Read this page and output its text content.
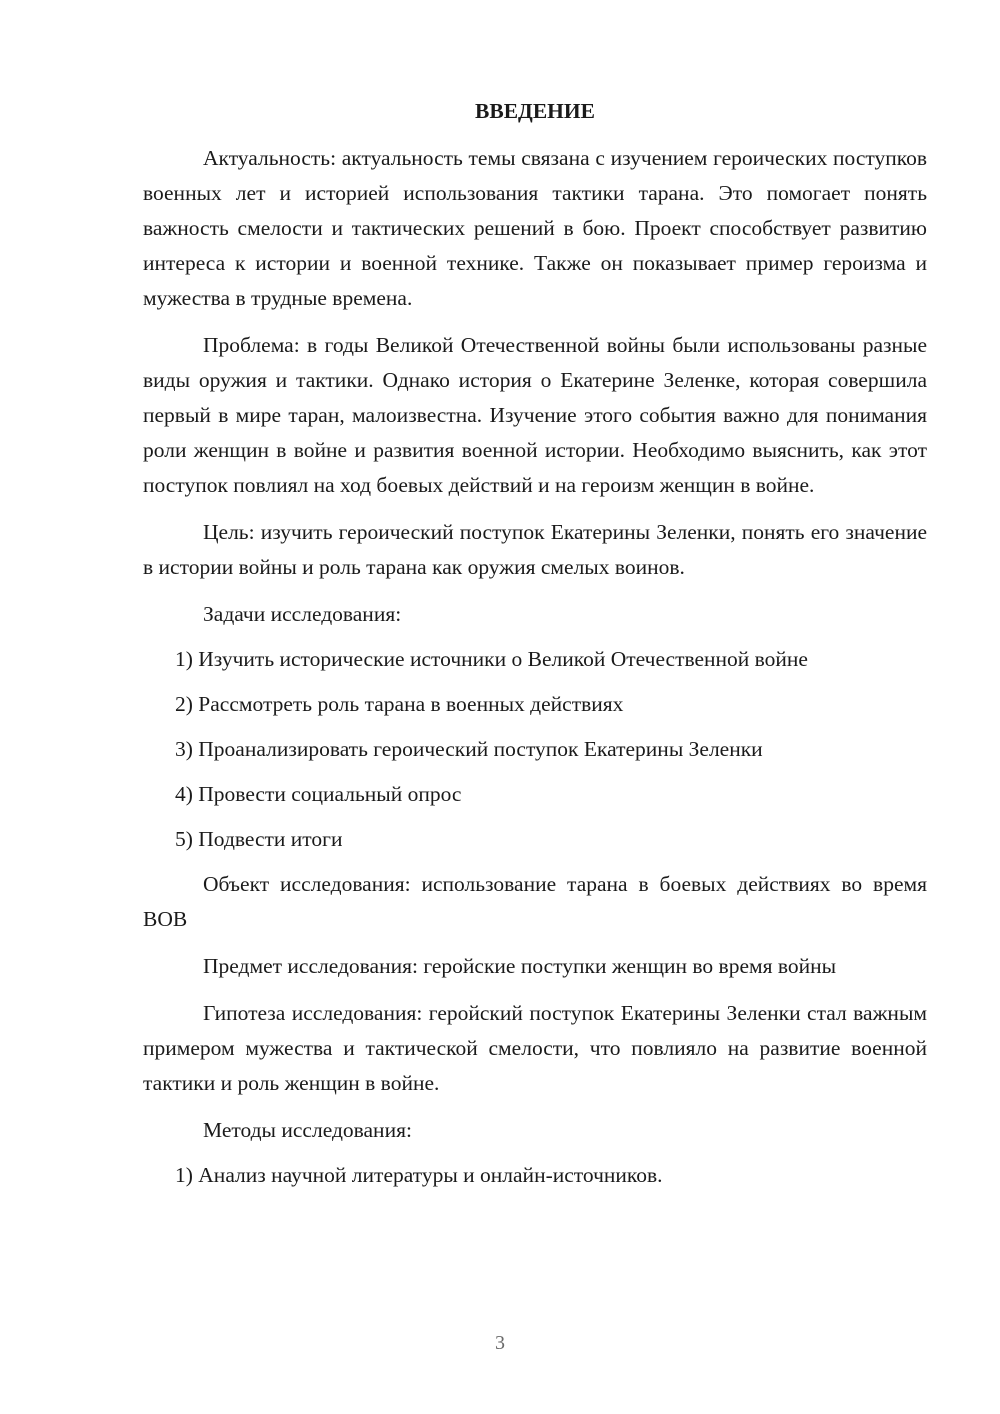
ВВЕДЕНИЕ

Актуальность: актуальность темы связана с изучением героических поступков военных лет и историей использования тактики тарана. Это помогает понять важность смелости и тактических решений в бою. Проект способствует развитию интереса к истории и военной технике. Также он показывает пример героизма и мужества в трудные времена.

Проблема: в годы Великой Отечественной войны были использованы разные виды оружия и тактики. Однако история о Екатерине Зеленке, которая совершила первый в мире таран, малоизвестна. Изучение этого события важно для понимания роли женщин в войне и развития военной истории. Необходимо выяснить, как этот поступок повлиял на ход боевых действий и на героизм женщин в войне.

Цель: изучить героический поступок Екатерины Зеленки, понять его значение в истории войны и роль тарана как оружия смелых воинов.

Задачи исследования:

1) Изучить исторические источники о Великой Отечественной войне
2) Рассмотреть роль тарана в военных действиях
3) Проанализировать героический поступок Екатерины Зеленки
4) Провести социальный опрос
5) Подвести итоги

Объект исследования: использование тарана в боевых действиях во время ВОВ

Предмет исследования: геройские поступки женщин во время войны

Гипотеза исследования: геройский поступок Екатерины Зеленки стал важным примером мужества и тактической смелости, что повлияло на развитие военной тактики и роль женщин в войне.

Методы исследования:

1) Анализ научной литературы и онлайн-источников.
3
